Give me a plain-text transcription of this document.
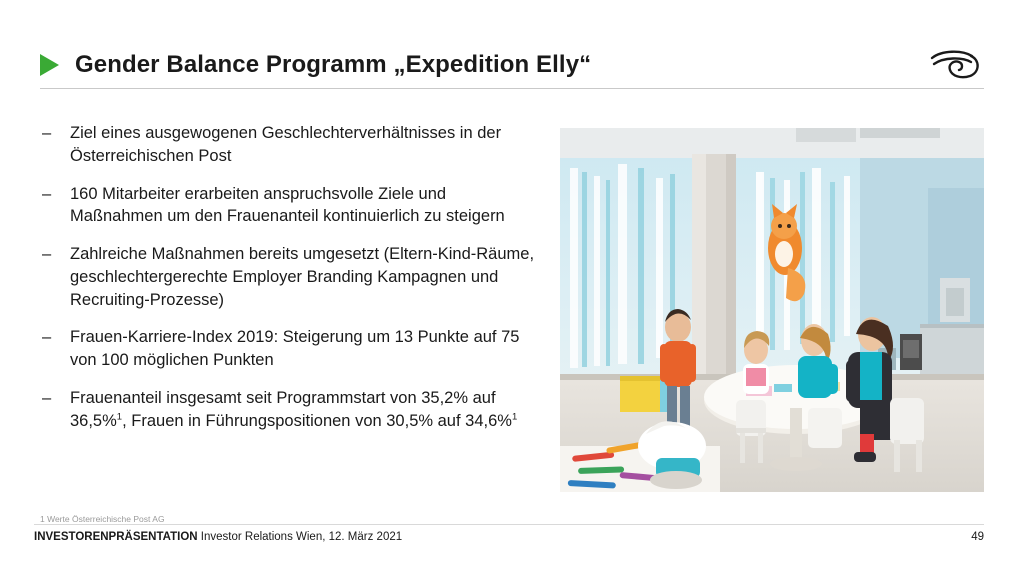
Gender Balance Programm „Expedition Elly“
– Ziel eines ausgewogenen Geschlechterverhältnisses in der Österreichischen Post
– 160 Mitarbeiter erarbeiten anspruchsvolle Ziele und Maßnahmen um den Frauenanteil kontinuierlich zu steigern
– Zahlreiche Maßnahmen bereits umgesetzt (Eltern-Kind-Räume, geschlechtergerechte Employer Branding Kampagnen und Recruiting-Prozesse)
– Frauen-Karriere-Index 2019: Steigerung um 13 Punkte auf 75 von 100 möglichen Punkten
– Frauenanteil insgesamt seit Programmstart von 35,2% auf 36,5%$^1$, Frauen in Führungspositionen von 30,5% auf 34,6%$^1$
1 Werte Österreichische Post AG
INVESTORENPRÄSENTATION Investor Relations Wien, 12. März 2021	49
